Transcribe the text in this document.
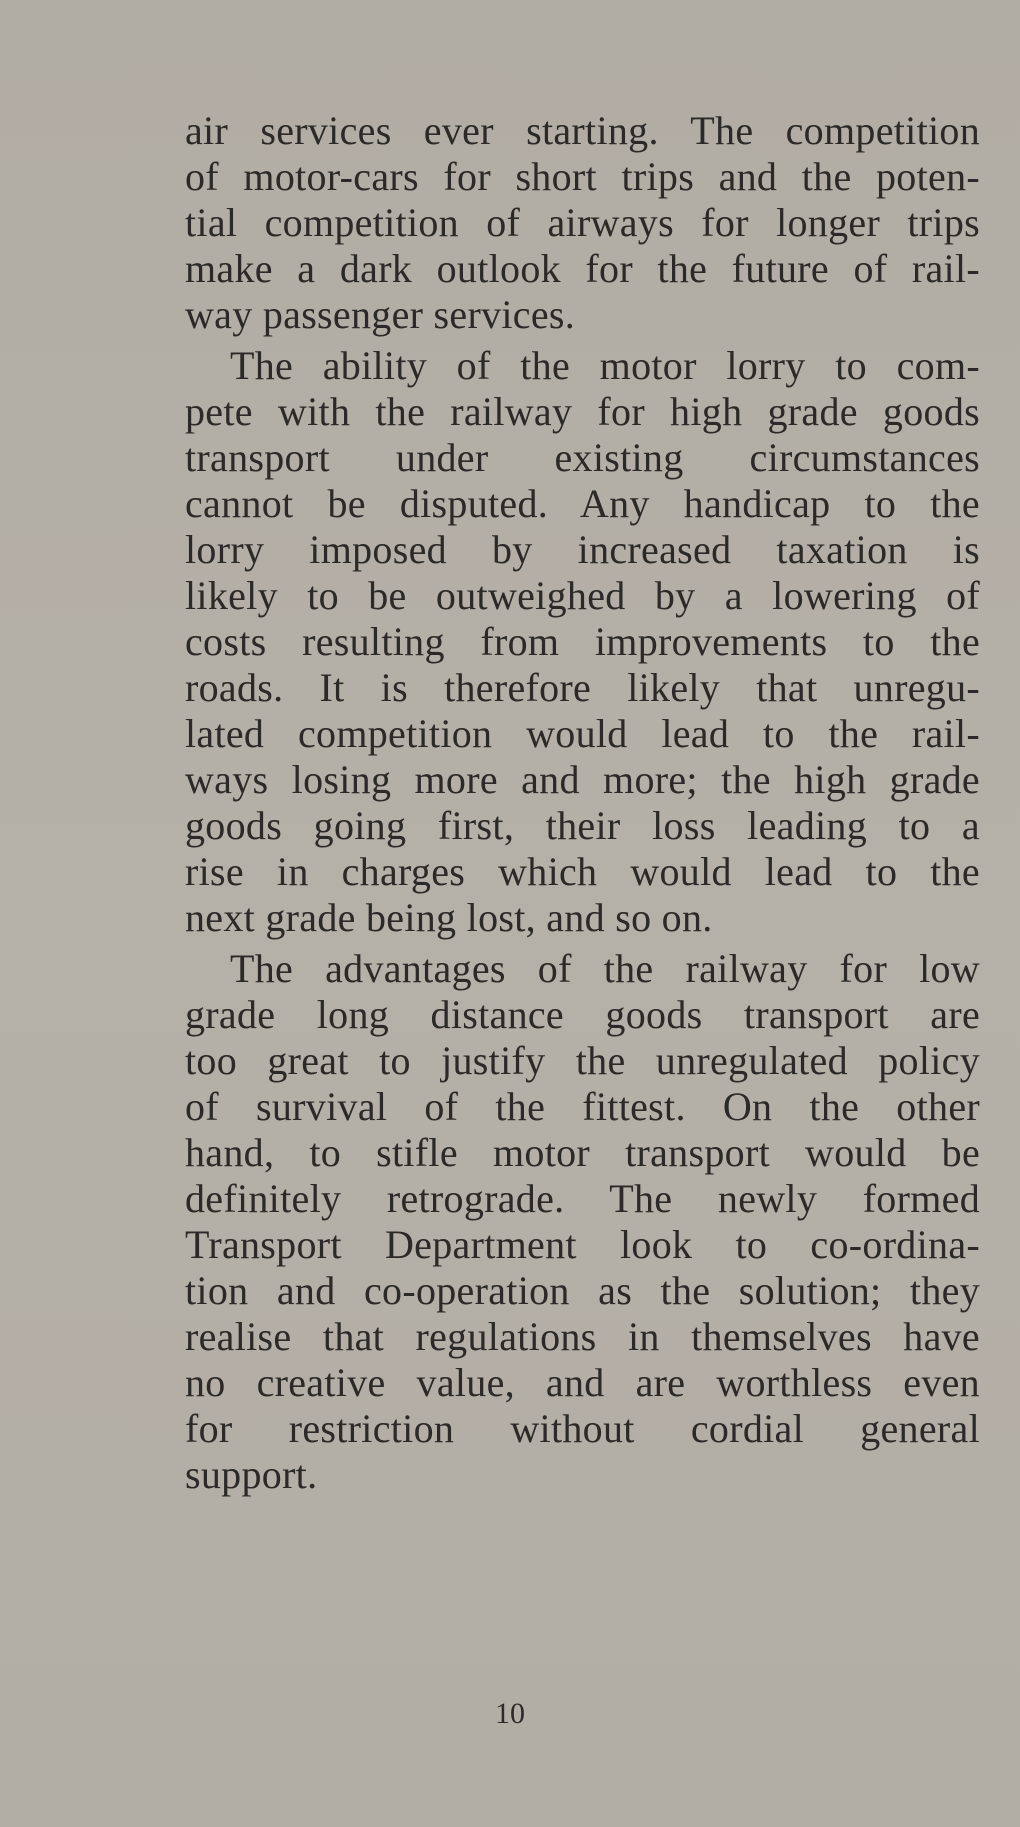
air services ever starting. The competition
of motor-cars for short trips and the poten-
tial competition of airways for longer trips
make a dark outlook for the future of rail-
way passenger services.

The ability of the motor lorry to com-
pete with the railway for high grade goods
transport under existing circumstances
cannot be disputed. Any handicap to the
lorry imposed by increased taxation is
likely to be outweighed by a lowering of
costs resulting from improvements to the
roads. It is therefore likely that unregu-
lated competition would lead to the rail-
ways losing more and more; the high grade
goods going first, their loss leading to a
rise in charges which would lead to the
next grade being lost, and so on.

The advantages of the railway for low
grade long distance goods transport are
too great to justify the unregulated policy
of survival of the fittest. On the other
hand, to stifle motor transport would be
definitely retrograde. The newly formed
Transport Department look to co-ordina-
tion and co-operation as the solution; they
realise that regulations in themselves have
no creative value, and are worthless even
for restriction without cordial general
support.

10
